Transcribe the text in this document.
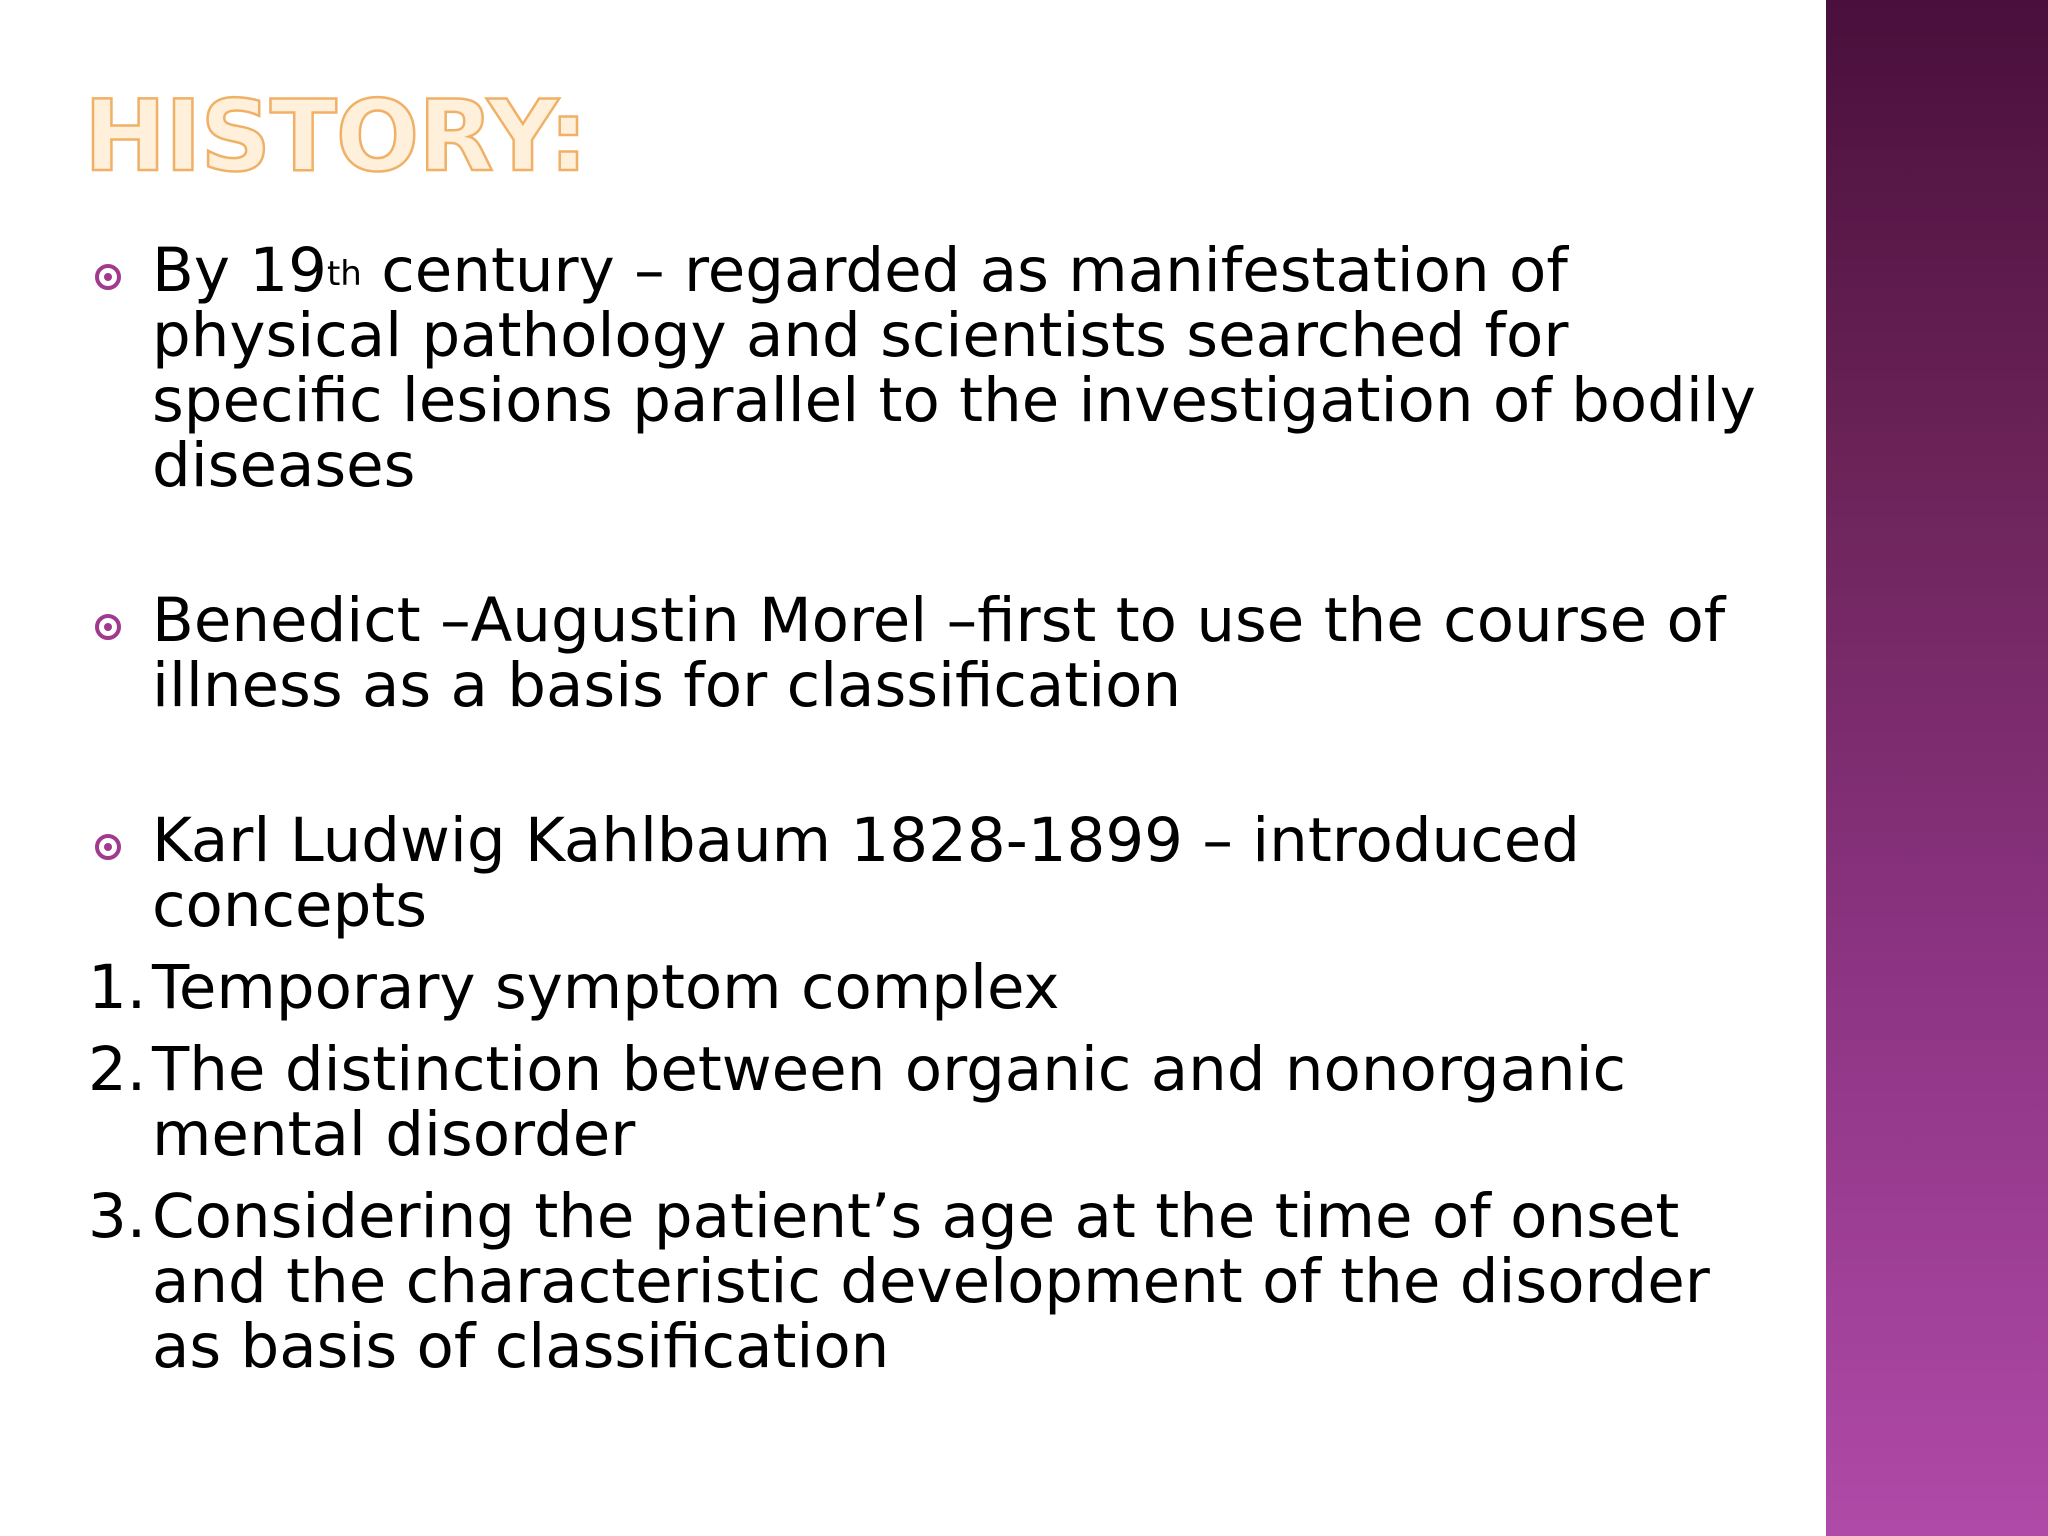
HISTORY:
By 19th century – regarded as manifestation of physical pathology and scientists searched for specific lesions parallel to the investigation of bodily diseases
Benedict –Augustin Morel –first to use the course of illness as a basis for classification
Karl Ludwig Kahlbaum 1828-1899 – introduced concepts
1. Temporary symptom complex
2. The distinction between organic and nonorganic mental disorder
3. Considering the patient’s age at the time of onset and the characteristic development of the disorder as basis of classification
